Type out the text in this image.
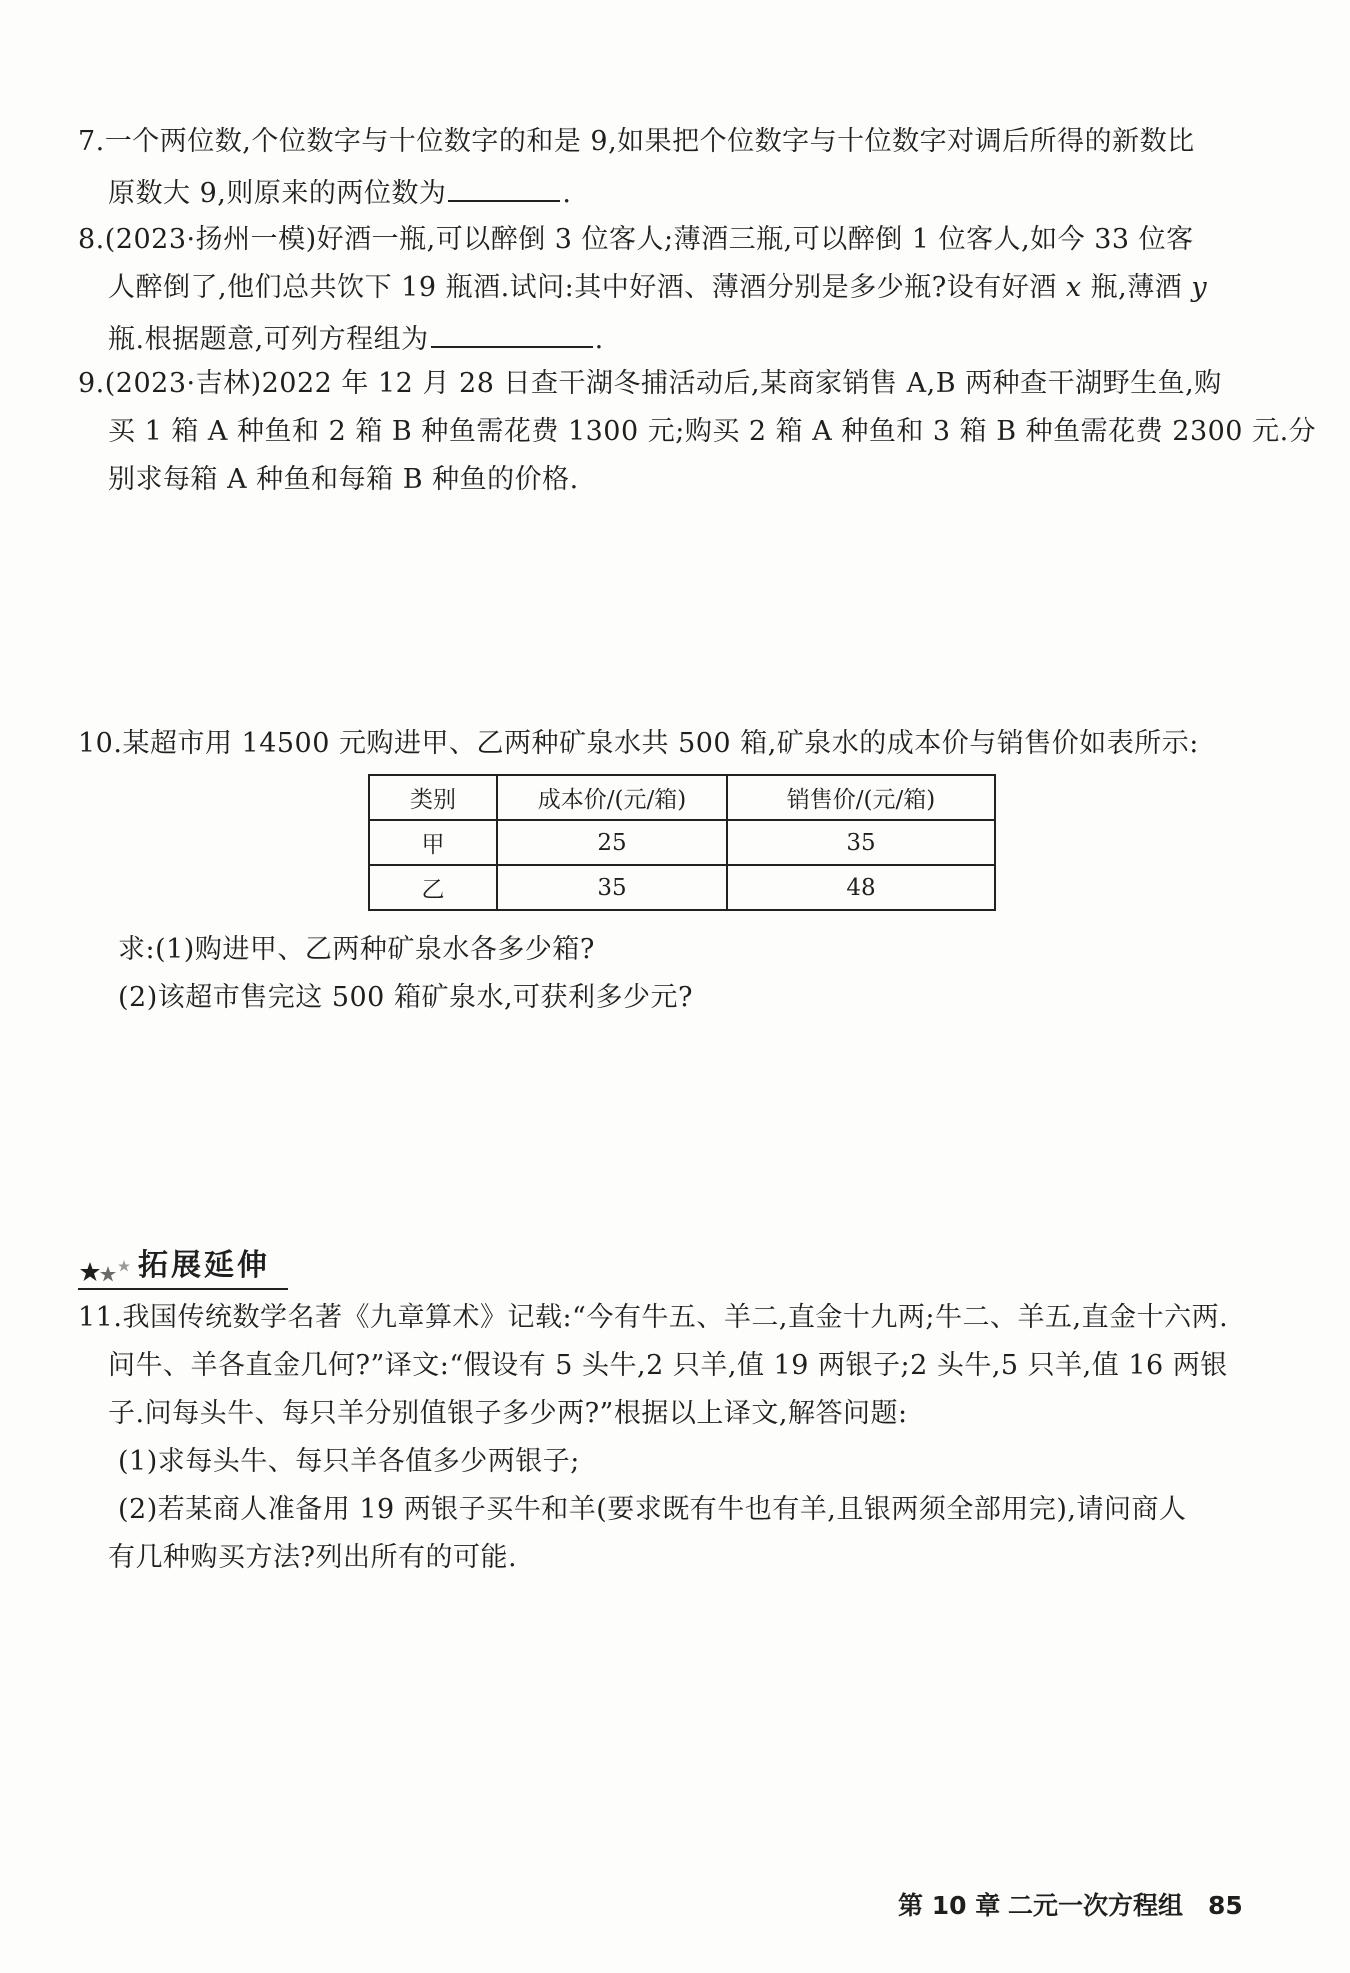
7.一个两位数,个位数字与十位数字的和是 9,如果把个位数字与十位数字对调后所得的新数比
原数大 9,则原来的两位数为	.
8.(2023·扬州一模)好酒一瓶,可以醉倒 3 位客人;薄酒三瓶,可以醉倒 1 位客人,如今 33 位客
人醉倒了,他们总共饮下 19 瓶酒.试问:其中好酒、薄酒分别是多少瓶?设有好酒 x 瓶,薄酒 y
瓶.根据题意,可列方程组为	.
9.(2023·吉林)2022 年 12 月 28 日查干湖冬捕活动后,某商家销售 A,B 两种查干湖野生鱼,购
买 1 箱 A 种鱼和 2 箱 B 种鱼需花费 1300 元;购买 2 箱 A 种鱼和 3 箱 B 种鱼需花费 2300 元.分
别求每箱 A 种鱼和每箱 B 种鱼的价格.
10.某超市用 14500 元购进甲、乙两种矿泉水共 500 箱,矿泉水的成本价与销售价如表所示:
类别	成本价/(元/箱)	销售价/(元/箱)
甲	25	35
乙	35	48
求:(1)购进甲、乙两种矿泉水各多少箱?
(2)该超市售完这 500 箱矿泉水,可获利多少元?
拓展延伸
11.我国传统数学名著《九章算术》记载:“今有牛五、羊二,直金十九两;牛二、羊五,直金十六两.
问牛、羊各直金几何?”译文:“假设有 5 头牛,2 只羊,值 19 两银子;2 头牛,5 只羊,值 16 两银
子.问每头牛、每只羊分别值银子多少两?”根据以上译文,解答问题:
(1)求每头牛、每只羊各值多少两银子;
(2)若某商人准备用 19 两银子买牛和羊(要求既有牛也有羊,且银两须全部用完),请问商人
有几种购买方法?列出所有的可能.
第 10 章 二元一次方程组 85
